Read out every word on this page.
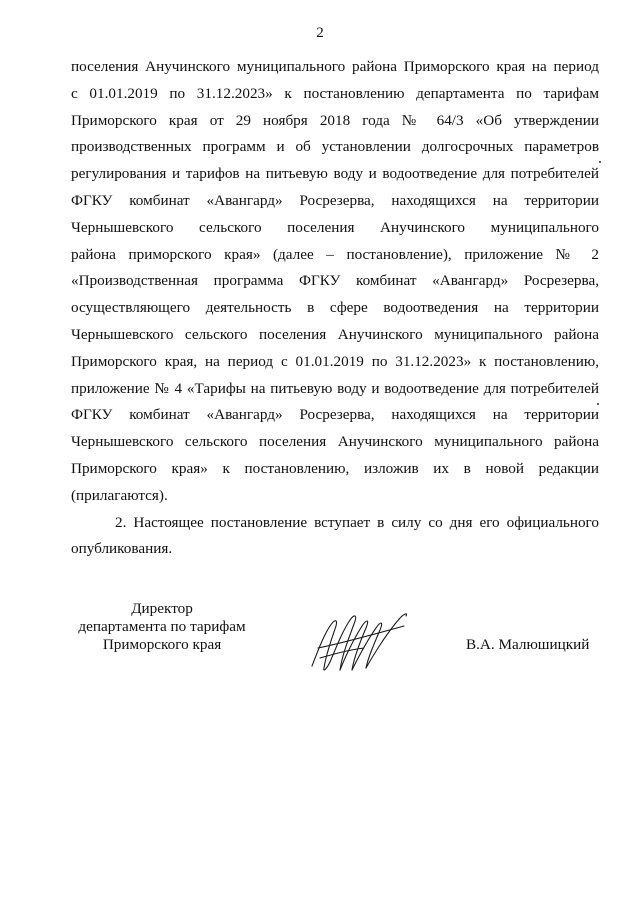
2
поселения Анучинского муниципального района Приморского края на период
с 01.01.2019 по 31.12.2023» к постановлению департамента по тарифам
Приморского края от 29 ноября 2018 года № 64/3 «Об утверждении
производственных программ и об установлении долгосрочных параметров
регулирования и тарифов на питьевую воду и водоотведение для потребителей
ФГКУ комбинат «Авангард» Росрезерва, находящихся на территории
Чернышевского сельского поселения Анучинского муниципального
района приморского края» (далее – постановление), приложение № 2
«Производственная программа ФГКУ комбинат «Авангард» Росрезерва,
осуществляющего деятельность в сфере водоотведения на территории
Чернышевского сельского поселения Анучинского муниципального района
Приморского края, на период с 01.01.2019 по 31.12.2023» к постановлению,
приложение № 4 «Тарифы на питьевую воду и водоотведение для потребителей
ФГКУ комбинат «Авангард» Росрезерва, находящихся на территории
Чернышевского сельского поселения Анучинского муниципального района
Приморского края» к постановлению, изложив их в новой редакции
(прилагаются).
2. Настоящее постановление вступает в силу со дня его официального
опубликования.
Директор
департамента по тарифам
Приморского края	В.А. Малюшицкий
